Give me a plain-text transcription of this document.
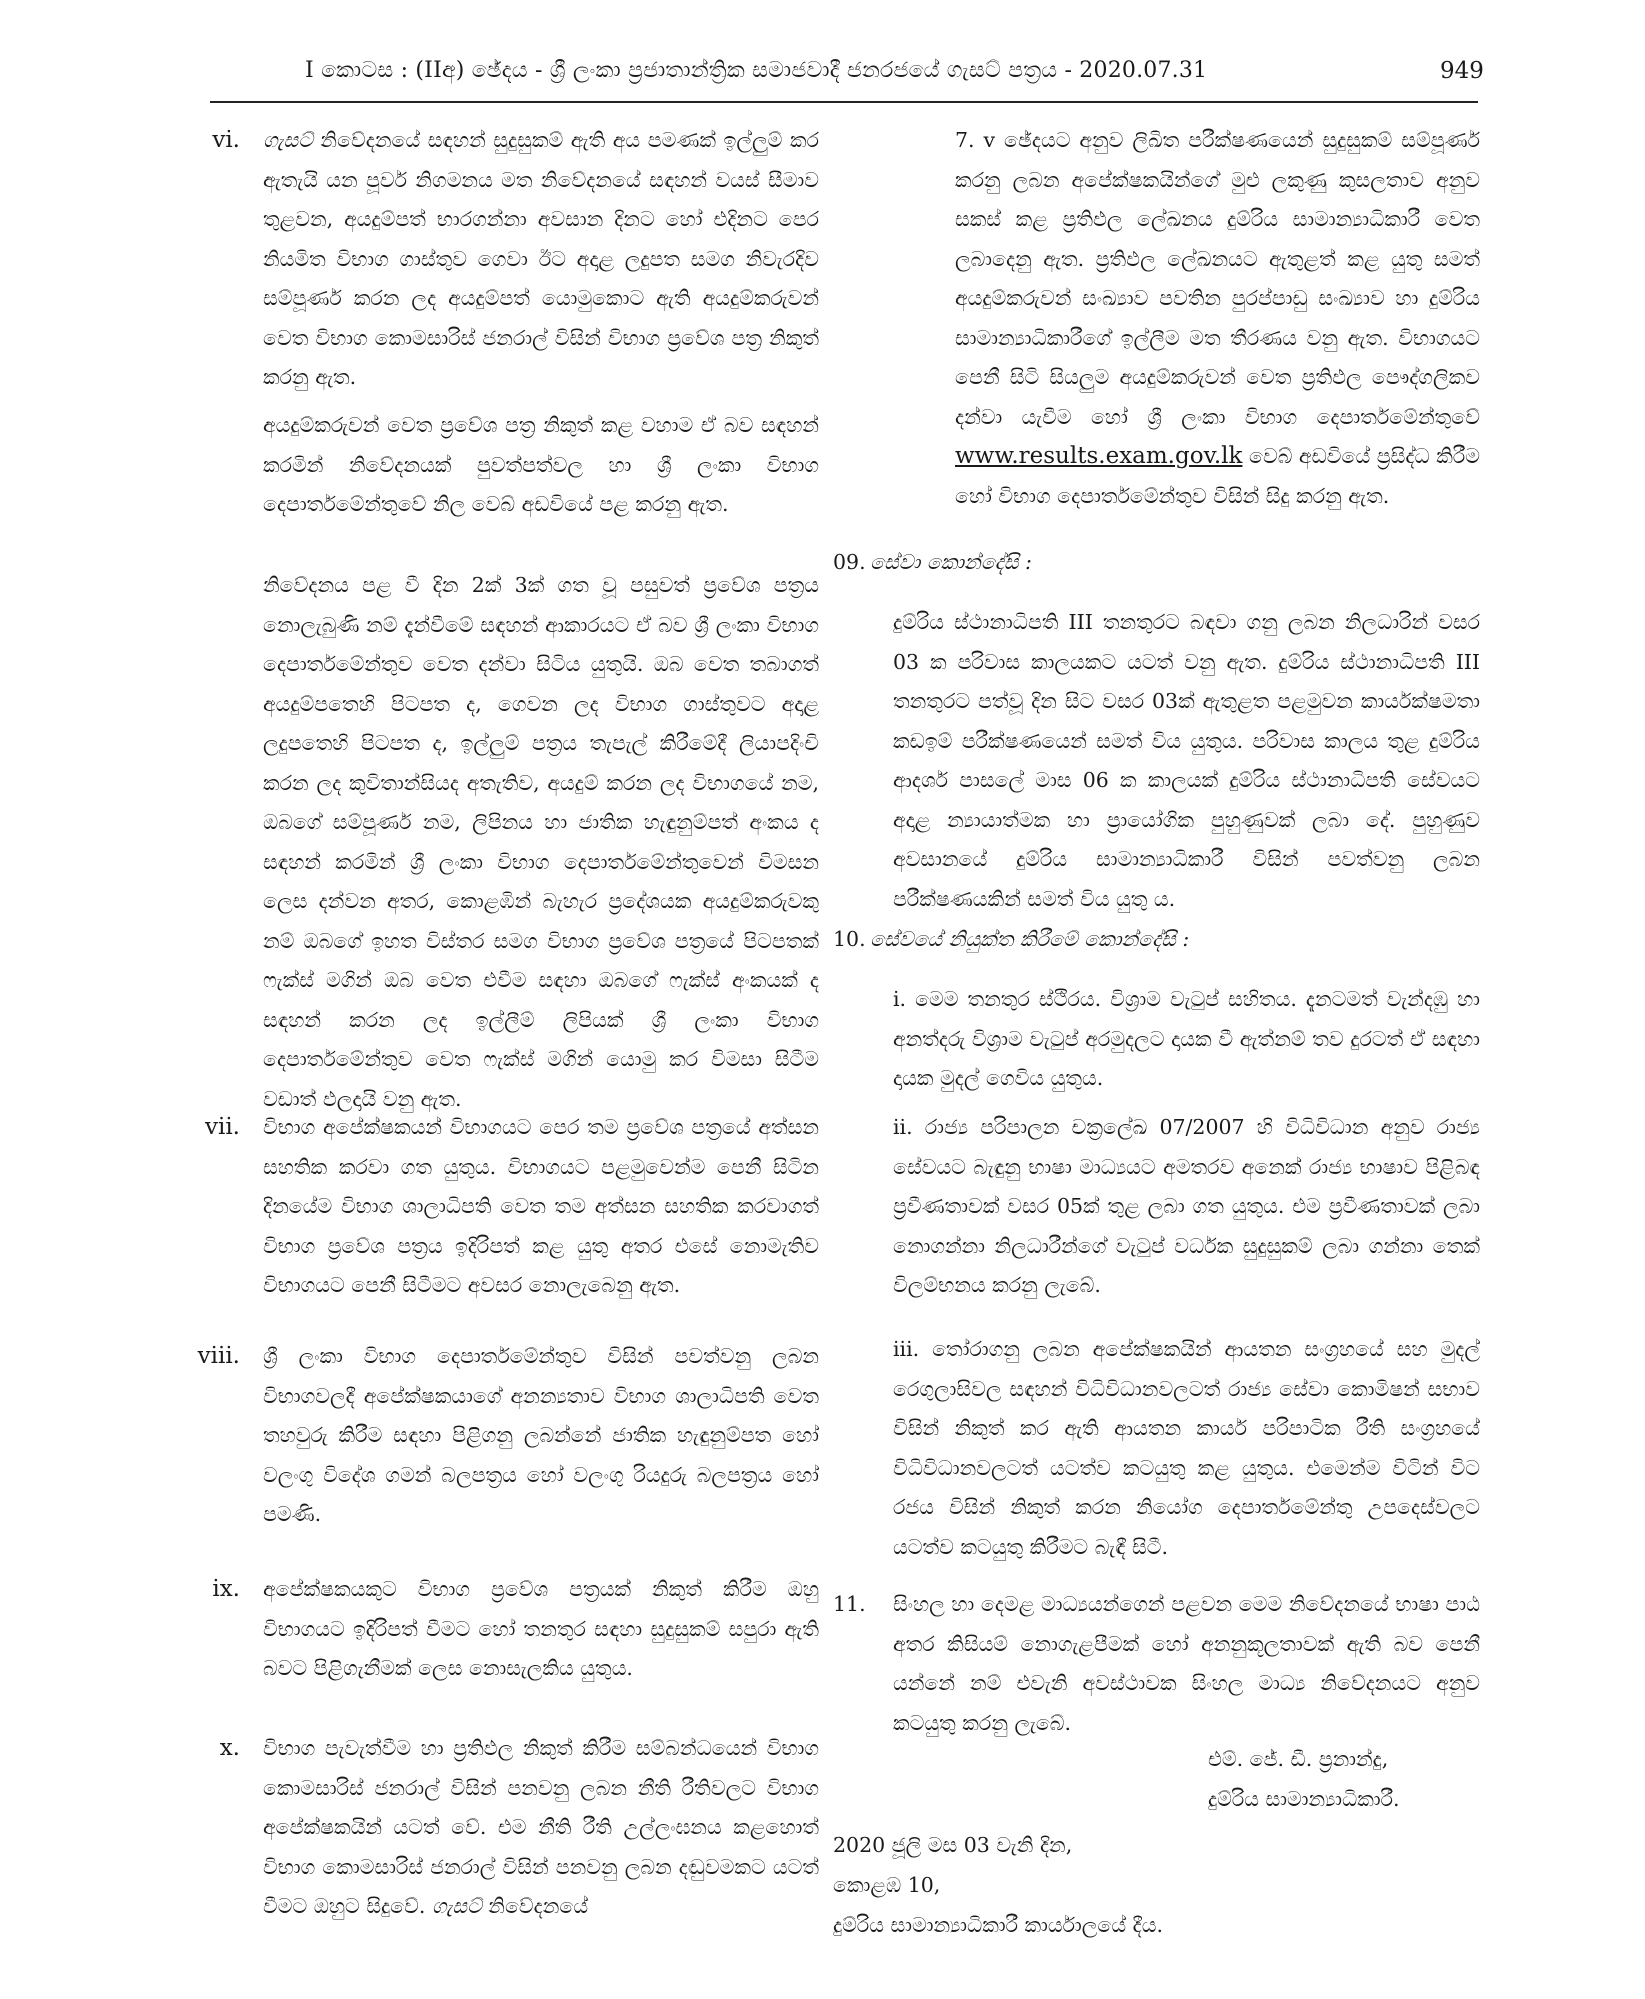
I කොටස : (IIඅ) ඡේදය - ශ්‍රී ලංකා ප්‍රජාතාන්ත්‍රික සමාජවාදී ජනරජයේ ගැසට් පත්‍රය - 2020.07.31	949
vi. ගැසට් නිවේදනයේ සඳහන් සුදුසුකම් ඇති අය පමණක් ඉල්ලුම් කර ඇතැයි යන පූර්ව නිගමනය මත නිවේදනයේ සඳහන් වයස් සීමාව තුළවන, අයදුම්පත් භාරගන්නා අවසාන දිනට හෝ එදිනට පෙර නියමිත විභාග ගාස්තුව ගෙවා ඊට අදාළ ලදුපත සමග නිවැරදිව සම්පූර්ණ කරන ලද අයදුම්පත් යොමුකොට ඇති අයදුම්කරුවන් වෙත විභාග කොමසාරිස් ජනරාල් විසින් විභාග ප්‍රවේශ පත්‍ර නිකුත් කරනු ඇත.

අයදුම්කරුවන් වෙත ප්‍රවේශ පත්‍ර නිකුත් කළ වහාම ඒ බව සඳහන් කරමින් නිවේදනයක් පුවත්පත්වල හා ශ්‍රී ලංකා විභාග දෙපාර්තමේන්තුවේ නිල වෙබ් අඩවියේ පළ කරනු ඇත.

නිවේදනය පළ වී දින 2ක් 3ක් ගත වූ පසුවත් ප්‍රවේශ පත්‍රය නොලැබුණි නම් දැන්වීමේ සඳහන් ආකාරයට ඒ බව ශ්‍රී ලංකා විභාග දෙපාර්තමේන්තුව වෙත දන්වා සිටිය යුතුයි. ඔබ වෙත තබාගත් අයදුම්පතෙහි පිටපත ද, ගෙවන ලද විභාග ගාස්තුවට අදාළ ලදුපතෙහි පිටපත ද, ඉල්ලුම් පත්‍රය තැපැල් කිරීමේදී ලියාපදිංචි කරන ලද කුවිතාන්සියද අතැතිව, අයදුම් කරන ලද විභාගයේ නම, ඔබගේ සම්පූර්ණ නම, ලිපිනය හා ජාතික හැඳුනුම්පත් අංකය ද සඳහන් කරමින් ශ්‍රී ලංකා විභාග දෙපාර්තමේන්තුවෙන් විමසන ලෙස දන්වන අතර, කොළඹින් බැහැර ප්‍රදේශයක අයදුම්කරුවකු නම් ඔබගේ ඉහත විස්තර සමග විභාග ප්‍රවේශ පත්‍රයේ පිටපතක් ෆැක්ස් මගින් ඔබ වෙත එවීම සඳහා ඔබගේ ෆැක්ස් අංකයක් ද සඳහන් කරන ලද ඉල්ලීම් ලිපියක් ශ්‍රී ලංකා විභාග දෙපාර්තමේන්තුව වෙත ෆැක්ස් මගින් යොමු කර විමසා සිටීම වඩාත් ඵලදායි වනු ඇත.

vii. විභාග අපේක්ෂකයන් විභාගයට පෙර තම ප්‍රවේශ පත්‍රයේ අත්සන සහතික කරවා ගත යුතුය. විභාගයට පළමුවෙන්ම පෙනී සිටින දිනයේම විභාග ශාලාධිපති වෙත තම අත්සන සහතික කරවාගත් විභාග ප්‍රවේශ පත්‍රය ඉදිරිපත් කළ යුතු අතර එසේ නොමැතිව විභාගයට පෙනී සිටීමට අවසර නොලැබෙනු ඇත.

viii. ශ්‍රී ලංකා විභාග දෙපාර්තමේන්තුව විසින් පවත්වනු ලබන විභාගවලදී අපේක්ෂකයාගේ අනන්‍යතාව විභාග ශාලාධිපති වෙත තහවුරු කිරීම සඳහා පිළිගනු ලබන්නේ ජාතික හැඳුනුම්පත හෝ වලංගු විදේශ ගමන් බලපත්‍රය හෝ වලංගු රියදුරු බලපත්‍රය හෝ පමණි.

ix. අපේක්ෂකයකුට විභාග ප්‍රවේශ පත්‍රයක් නිකුත් කිරීම ඔහු විභාගයට ඉදිරිපත් වීමට හෝ තනතුර සඳහා සුදුසුකම් සපුරා ඇති බවට පිළිගැනීමක් ලෙස නොසැලකිය යුතුය.

x. විභාග පැවැත්වීම හා ප්‍රතිඵල නිකුත් කිරීම සම්බන්ධයෙන් විභාග කොමසාරිස් ජනරාල් විසින් පනවනු ලබන නීති රීතිවලට විභාග අපේක්ෂකයින් යටත් වේ. එම නීති රීති උල්ලංඝනය කළහොත් විභාග කොමසාරිස් ජනරාල් විසින් පනවනු ලබන දඬුවමකට යටත් වීමට ඔහුට සිදුවේ. ගැසට් නිවේදනයේ

7. v ඡේදයට අනුව ලිඛිත පරීක්ෂණයෙන් සුදුසුකම් සම්පූර්ණ කරනු ලබන අපේක්ෂකයින්ගේ මුළු ලකුණු කුසලතාව අනුව සකස් කළ ප්‍රතිඵල ලේඛනය දුම්රිය සාමාන්‍යාධිකාරී වෙත ලබාදෙනු ඇත. ප්‍රතිඵල ලේඛනයට ඇතුළත් කළ යුතු සමත් අයදුම්කරුවන් සංඛ්‍යාව පවතින පුරප්පාඩු සංඛ්‍යාව හා දුම්රිය සාමාන්‍යාධිකාරීගේ ඉල්ලීම මත තීරණය වනු ඇත. විභාගයට පෙනී සිටි සියලුම අයදුම්කරුවන් වෙත ප්‍රතිඵල පෞද්ගලිකව දන්වා යැවීම හෝ ශ්‍රී ලංකා විභාග දෙපාර්තමේන්තුවේ www.results.exam.gov.lk වෙබ් අඩවියේ ප්‍රසිද්ධ කිරීම හෝ විභාග දෙපාර්තමේන්තුව විසින් සිදු කරනු ඇත.

09. සේවා කොන්දේසි :

දුම්රිය ස්ථානාධිපති III තනතුරට බඳවා ගනු ලබන නිලධාරින් වසර 03 ක පරිවාස කාලයකට යටත් වනු ඇත. දුම්රිය ස්ථානාධිපති III තනතුරට පත්වූ දින සිට වසර 03ක් ඇතුළත පළමුවන කාර්යක්ෂමතා කඩඉම් පරීක්ෂණයෙන් සමත් විය යුතුය. පරිවාස කාලය තුළ දුම්රිය ආදර්ශ පාසලේ මාස 06 ක කාලයක් දුම්රිය ස්ථානාධිපති සේවයට අදාළ න්‍යායාත්මක හා ප්‍රායෝගික පුහුණුවක් ලබා දේ. පුහුණුව අවසානයේ දුම්රිය සාමාන්‍යාධිකාරී විසින් පවත්වනු ලබන පරීක්ෂණයකින් සමත් විය යුතු ය.

10. සේවයේ නියුක්ත කිරීමේ කොන්දේසි :

i. මෙම තනතුර ස්ථිරය. විශ්‍රාම වැටුප් සහිතය. දැනටමත් වැන්දඹු හා අනත්දරු විශ්‍රාම වැටුප් අරමුදලට දායක වී ඇත්නම් තව දුරටත් ඒ සඳහා දායක මුදල් ගෙවිය යුතුය.

ii. රාජ්‍ය පරිපාලන චක්‍රලේඛ 07/2007 හි විධිවිධාන අනුව රාජ්‍ය සේවයට බැඳුනු භාෂා මාධ්‍යයට අමතරව අනෙක් රාජ්‍ය භාෂාව පිළිබඳ ප්‍රවීණතාවක් වසර 05ක් තුළ ලබා ගත යුතුය. එම ප්‍රවීණතාවක් ලබා නොගන්නා නිලධාරීන්ගේ වැටුප් වර්ධක සුදුසුකම් ලබා ගන්නා තෙක් විලම්භනය කරනු ලැබේ.

iii. තෝරාගනු ලබන අපේක්ෂකයින් ආයතන සංග්‍රහයේ සහ මුදල් රෙගුලාසිවල සඳහන් විධිවිධානවලටත් රාජ්‍ය සේවා කොමිෂන් සභාව විසින් නිකුත් කර ඇති ආයතන කාර්ය පරිපාටික රීති සංග්‍රහයේ විධිවිධානවලටත් යටත්ව කටයුතු කළ යුතුය. එමෙන්ම විටින් විට රජය විසින් නිකුත් කරන නියෝග දෙපාර්තමේන්තු උපදෙස්වලට යටත්ව කටයුතු කිරීමට බැඳී සිටී.

11. සිංහල හා දෙමළ මාධ්‍යයන්ගෙන් පළවන මෙම නිවේදනයේ භාෂා පාඨ අතර කිසියම් නොගැළපීමක් හෝ අනනුකූලතාවක් ඇති බව පෙනී යන්නේ නම් එවැනි අවස්ථාවක සිංහල මාධ්‍ය නිවේදනයට අනුව කටයුතු කරනු ලැබේ.

එම්. ජේ. ඩී. ප්‍රනාන්දු,
දුම්රිය සාමාන්‍යාධිකාරී.
2020 ජූලි මස 03 වැනි දින,
කොළඹ 10,
දුම්රිය සාමාන්‍යාධිකාරී කාර්යාලයේ දීය.
